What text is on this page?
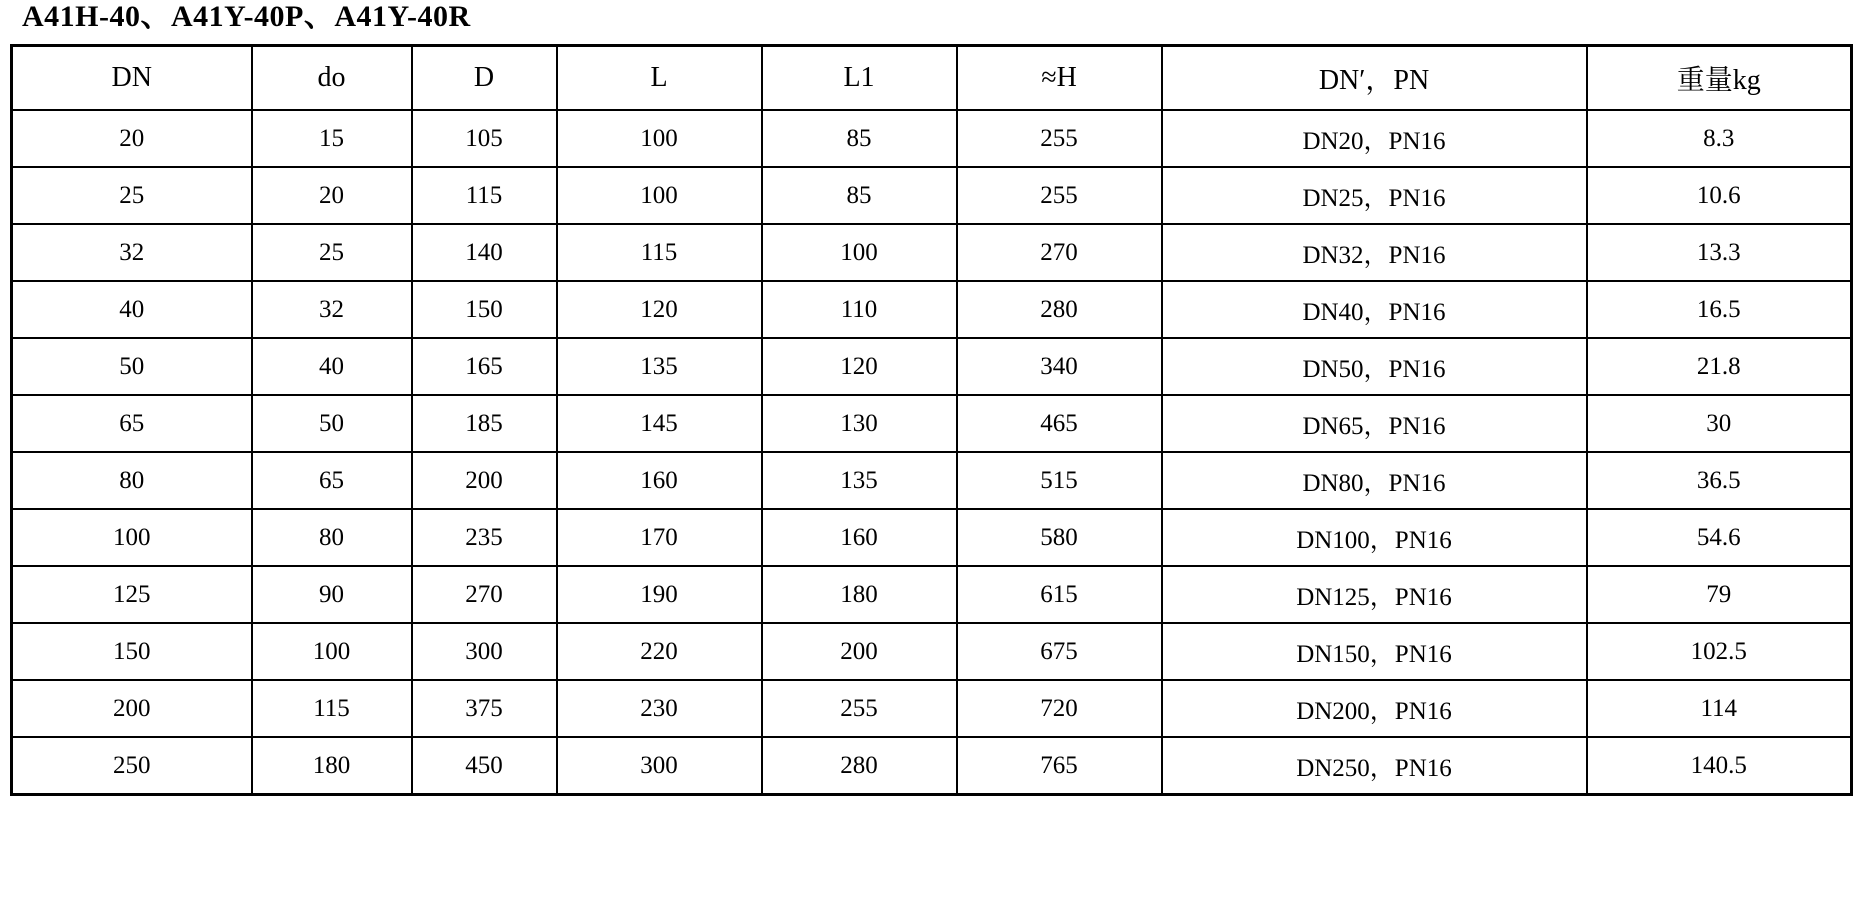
A41H-40、A41Y-40P、A41Y-40R
DN	do	D	L	L1	≈H	DN′，PN	重量kg
20	15	105	100	85	255	DN20，PN16	8.3
25	20	115	100	85	255	DN25，PN16	10.6
32	25	140	115	100	270	DN32，PN16	13.3
40	32	150	120	110	280	DN40，PN16	16.5
50	40	165	135	120	340	DN50，PN16	21.8
65	50	185	145	130	465	DN65，PN16	30
80	65	200	160	135	515	DN80，PN16	36.5
100	80	235	170	160	580	DN100，PN16	54.6
125	90	270	190	180	615	DN125，PN16	79
150	100	300	220	200	675	DN150，PN16	102.5
200	115	375	230	255	720	DN200，PN16	114
250	180	450	300	280	765	DN250，PN16	140.5
